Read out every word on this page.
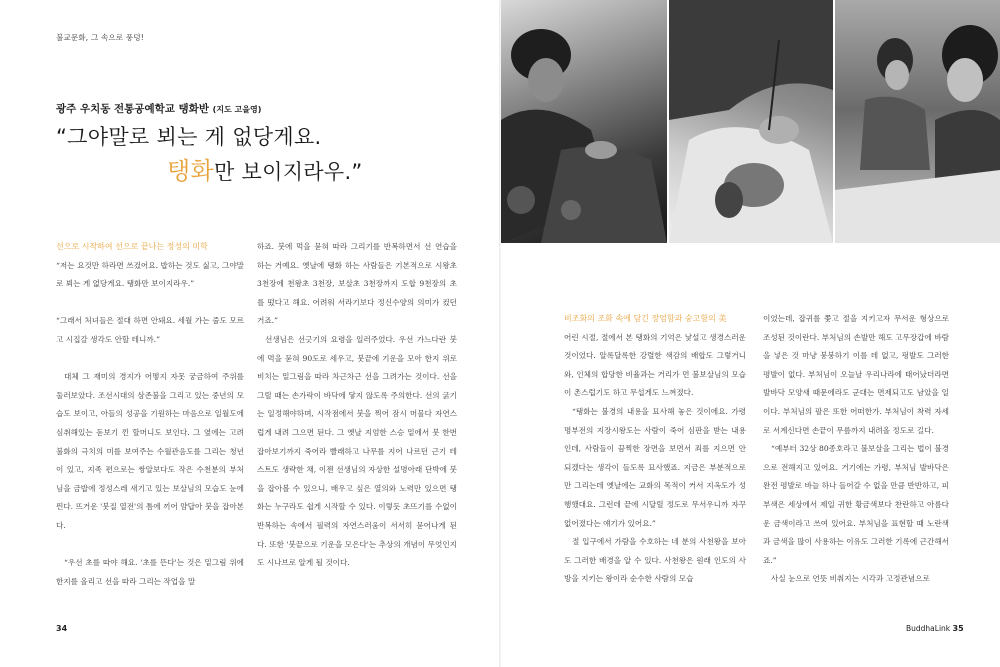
불교문화, 그 속으로 풍덩!
광주 우치동 전통공예학교 탱화반 (지도 고을영)
“그야말로 뵈는 게 없당게요.
탱화만 보이지라우.”

선으로 시작하여 선으로 끝나는 정성의 미학

“저는 요것만 하라면 쓰겄어요. 밥하는 것도 싫고, 그야말로 뵈는 게 없당게요. 탱화만 보이지라우.”

“그래서 처녀들은 절대 하면 안돼요. 세월 가는 줄도 모르고 시집갈 생각도 안할 테니까.”

대체 그 재미의 경지가 어떻지 자못 궁금하여 주위를 둘러보았다. 조선시대의 삼존불을 그리고 있는 중년의 모습도 보이고, 아들의 성공을 기원하는 마음으로 일월도에 심취해있는 돋보기 낀 할머니도 보인다. 그 옆에는 고려불화의 극치의 미를 보여주는 수월관음도를 그리는 청년이 있고, 지족 편으로는 쌍알보다도 작은 수천분의 부처님을 금밥에 정성스레 새기고 있는 보살님의 모습도 눈에 띈다. 뜨거운 '붓질 열전'의 틈에 끼어 얌답아 붓을 잡아본다.

“우선 초를 따야 해요. '초를 뜬다'는 것은 밑그림 위에 한지를 올리고 선을 따라 그리는 작업을 말

하죠. 붓에 먹을 묻혀 따라 그리기를 반복하면서 선 연습을 하는 거예요. 옛날에 탱화 하는 사람들은 기본적으로 시왕초 3천장에 천왕초 3천장, 보살초 3천장까지 도합 9천장의 초를 떴다고 해요. 어려워 서라기보다 정신수양의 의미가 컸던 거죠.”

선생님은 선긋기의 요령을 일러주었다. 우선 가느다란 붓에 먹을 묻혀 90도로 세우고, 붓끝에 기운을 모아 한지 위로 비치는 밑그림을 따라 차근차근 선을 그려가는 것이다. 선을 그릴 때는 손가락이 바닥에 닿지 않도록 주의한다. 선의 굵기는 일정해야하며, 시작점에서 붓을 찍어 잠시 머물다 자연스럽게 내려 그으면 된다. 그 옛날 지엄한 스승 밑에서 붓 한번 잡아보기까지 죽어라 빨래하고 나무를 지어 나르던 근기 테스트도 생략한 채, 이젠 선생님의 자상한 설명아래 단박에 붓을 잡아볼 수 있으니, 배우고 싶은 열의와 노력만 있으면 탱화는 누구라도 쉽게 시작할 수 있다. 이렇듯 초뜨기를 수없이 반복하는 속에서 필력의 자연스러움이 서서히 묻어나게 된다. 또한 '붓끝으로 기운을 모은다'는 추상의 개념이 무엇인지도 시나브로 알게 될 것이다.

34

비조화의 조화 속에 담긴 장엄함과 숭고함의 美

어린 시절, 절에서 본 탱화의 기억은 낯설고 생경스러운 것이었다. 알록달록한 강렬한 색감의 배합도 그렇거니와, 인체의 합당한 비율과는 거리가 먼 불보살님의 모습이 촌스럽기도 하고 무섭게도 느껴졌다.

“탱화는 불경의 내용을 묘사해 놓은 것이에요. 가령 명부전의 지장시왕도는 사람이 죽어 심판을 받는 내용인데, 사람들이 끔찍한 장면을 보면서 죄를 지으면 안 되겠다는 생각이 들도록 묘사했죠. 지금은 부분적으로만 그리는데 옛날에는 교화의 목적이 커서 지옥도가 성행했대요. 그런데 끝에 시달릴 정도로 무서우니까 자꾸 없어졌다는 얘기가 있어요.”

절 입구에서 가람을 수호하는 네 분의 사천왕을 보아도 그러한 배경을 알 수 있다. 사천왕은 원래 인도의 사방을 지키는 왕이라 순수한 사람의 모습

이었는데, 잡귀를 쫓고 절을 지키고자 무서운 형상으로 조성된 것이란다. 부처님의 손발만 해도 고무장갑에 바람을 넣은 것 마냥 붕붕하기 이를 데 없고, 펑발도 그러한 평발이 없다. 부처님이 오늘날 우리나라에 태어났더라면 발바닥 모양새 때문에라도 군대는 면제되고도 남았을 일이다. 부처님의 팔은 또한 어떠한가. 부처님이 착력 자세로 서계신다면 손끝이 무릎까지 내려올 정도로 길다.

“예부터 32상 80종호라고 불보살을 그리는 법이 불경으로 전해지고 있어요. 거기에는 가령, 부처님 발바닥은 완전 평발로 바늘 하나 들어갈 수 없을 만큼 반반하고, 피부색은 세상에서 제일 귀한 황금색보다 찬란하고 아름다운 금색이라고 쓰여 있어요. 부처님을 표현할 때 노란색과 금색을 많이 사용하는 이유도 그러한 기록에 근간해서죠.”

사실 눈으로 언뜻 비춰지는 시각과 고정관념으로

BuddhaLink 35
